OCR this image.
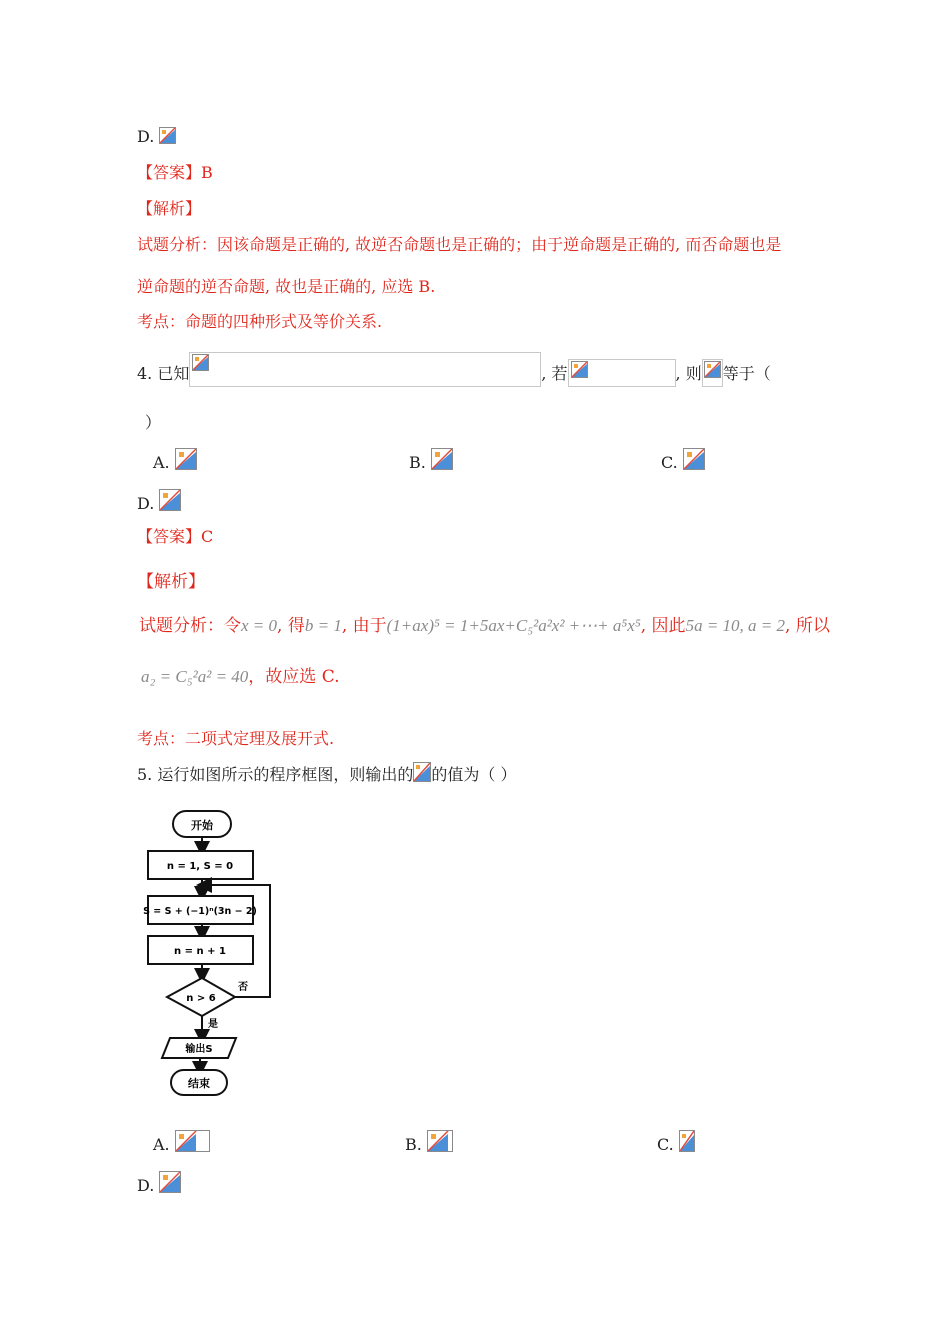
D.
【答案】B
【解析】
试题分析：因该命题是正确的, 故逆否命题也是正确的；由于逆命题是正确的, 而否命题也是
逆命题的逆否命题, 故也是正确的, 应选 B.
考点：命题的四种形式及等价关系.
4. 已知	, 若	, 则 等于（
）
A.	B.	C.
D.
【答案】C
【解析】
试题分析：令x = 0, 得b = 1, 由于(1+ax)⁵ = 1+5ax+C₅²a²x² +⋯+ a⁵x⁵, 因此5a = 10, a = 2, 所以
a₂ = C₅²a² = 40，故应选 C.
考点：二项式定理及展开式.
5. 运行如图所示的程序框图，则输出的 的值为（ ）
开始
n = 1, S = 0
S = S + (−1)ⁿ(3n − 2)
n = n + 1
n > 6
否
是
输出S
结束
A.	B.	C.
D.
